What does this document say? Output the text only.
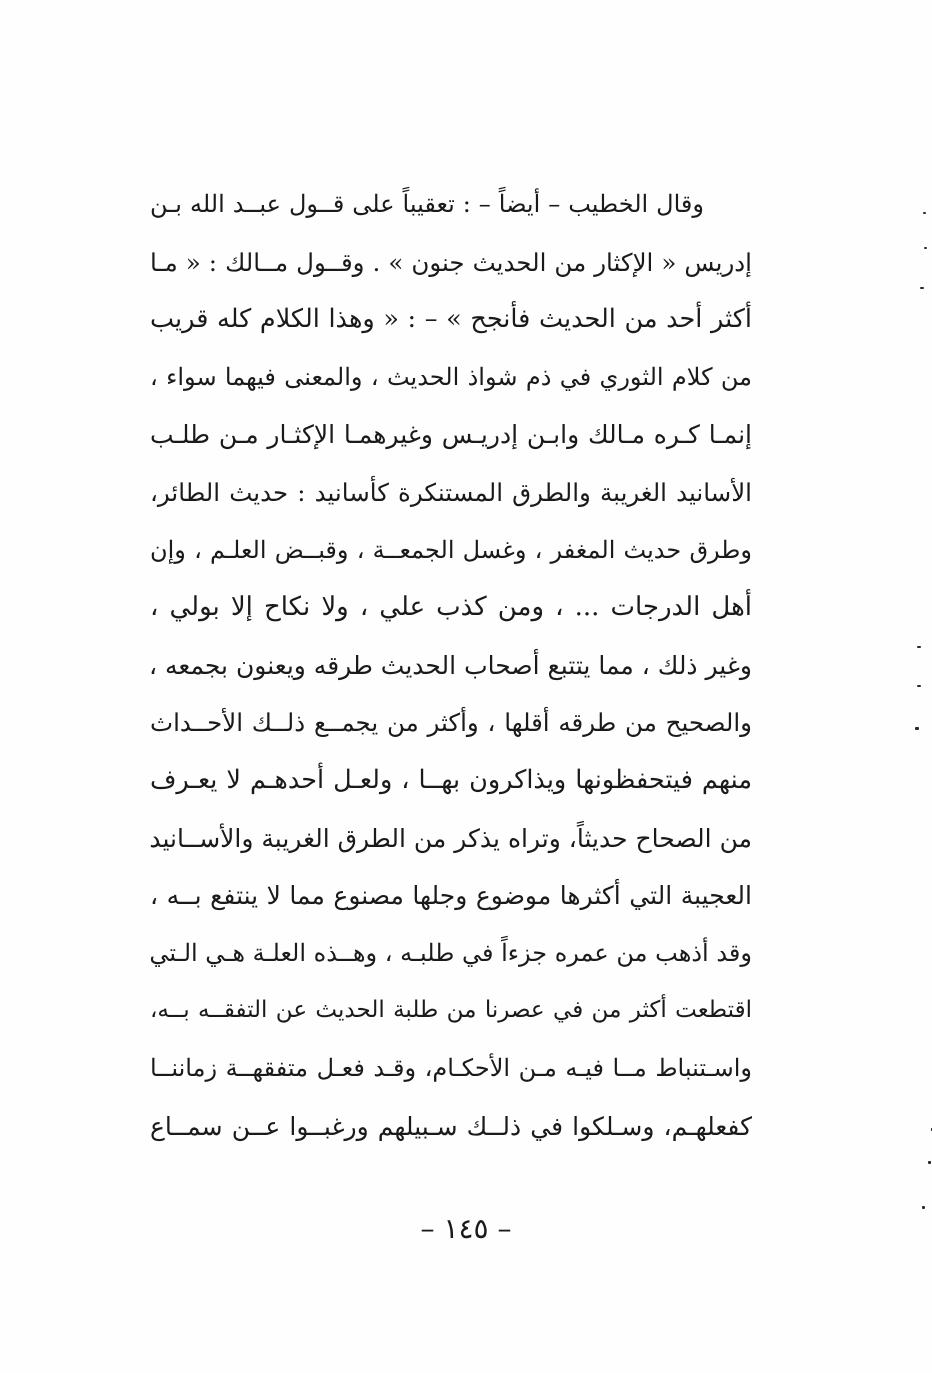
وقال الخطيب – أيضاً – : تعقيباً على قــول عبــد الله بـن
إدريس « الإكثار من الحديث جنون » . وقــول مــالك : « مـا
أكثر أحد من الحديث فأنجح » – : « وهذا الكلام كله قريب
من كلام الثوري في ذم شواذ الحديث ، والمعنى فيهما سواء ،
إنمـا كـره مـالك وابـن إدريـس وغيرهمـا الإكثـار مـن طلـب
الأسانيد الغريبة والطرق المستنكرة كأسانيد : حديث الطائر،
وطرق حديث المغفر ، وغسل الجمعــة ، وقبــض العلـم ، وإن
أهل الدرجات ... ، ومن كذب علي ، ولا نكاح إلا بولي ،
وغير ذلك ، مما يتتبع أصحاب الحديث طرقه ويعنون بجمعه ،
والصحيح من طرقه أقلها ، وأكثر من يجمــع ذلــك الأحــداث
منهم فيتحفظونها ويذاكرون بهــا ، ولعـل أحدهـم لا يعـرف
من الصحاح حديثاً، وتراه يذكر من الطرق الغريبة والأســانيد
العجيبة التي أكثرها موضوع وجلها مصنوع مما لا ينتفع بــه ،
وقد أذهب من عمره جزءاً في طلبـه ، وهــذه العلـة هـي الـتي
اقتطعت أكثر من في عصرنا من طلبة الحديث عن التفقــه بــه،
واسـتنباط مــا فيـه مـن الأحكـام، وقـد فعـل متفقهــة زماننــا
كفعلهـم، وسـلكوا في ذلــك سـبيلهم ورغبــوا عــن سمــاع
– ١٤٥ –
